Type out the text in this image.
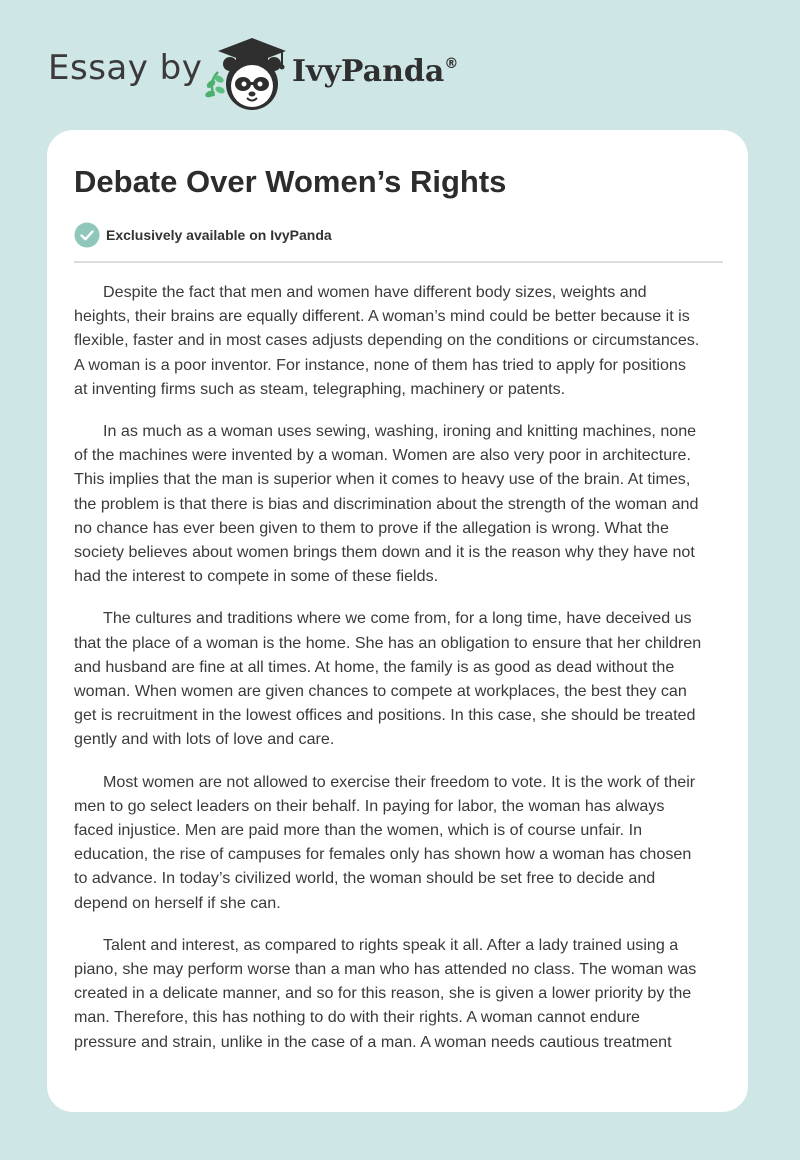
Essay by	IvyPanda®
Debate Over Women’s Rights
Exclusively available on IvyPanda

Despite the fact that men and women have different body sizes, weights and
heights, their brains are equally different. A woman’s mind could be better because it is
flexible, faster and in most cases adjusts depending on the conditions or circumstances.
A woman is a poor inventor. For instance, none of them has tried to apply for positions
at inventing firms such as steam, telegraphing, machinery or patents.

In as much as a woman uses sewing, washing, ironing and knitting machines, none
of the machines were invented by a woman. Women are also very poor in architecture.
This implies that the man is superior when it comes to heavy use of the brain. At times,
the problem is that there is bias and discrimination about the strength of the woman and
no chance has ever been given to them to prove if the allegation is wrong. What the
society believes about women brings them down and it is the reason why they have not
had the interest to compete in some of these fields.

The cultures and traditions where we come from, for a long time, have deceived us
that the place of a woman is the home. She has an obligation to ensure that her children
and husband are fine at all times. At home, the family is as good as dead without the
woman. When women are given chances to compete at workplaces, the best they can
get is recruitment in the lowest offices and positions. In this case, she should be treated
gently and with lots of love and care.

Most women are not allowed to exercise their freedom to vote. It is the work of their
men to go select leaders on their behalf. In paying for labor, the woman has always
faced injustice. Men are paid more than the women, which is of course unfair. In
education, the rise of campuses for females only has shown how a woman has chosen
to advance. In today’s civilized world, the woman should be set free to decide and
depend on herself if she can.

Talent and interest, as compared to rights speak it all. After a lady trained using a
piano, she may perform worse than a man who has attended no class. The woman was
created in a delicate manner, and so for this reason, she is given a lower priority by the
man. Therefore, this has nothing to do with their rights. A woman cannot endure
pressure and strain, unlike in the case of a man. A woman needs cautious treatment
